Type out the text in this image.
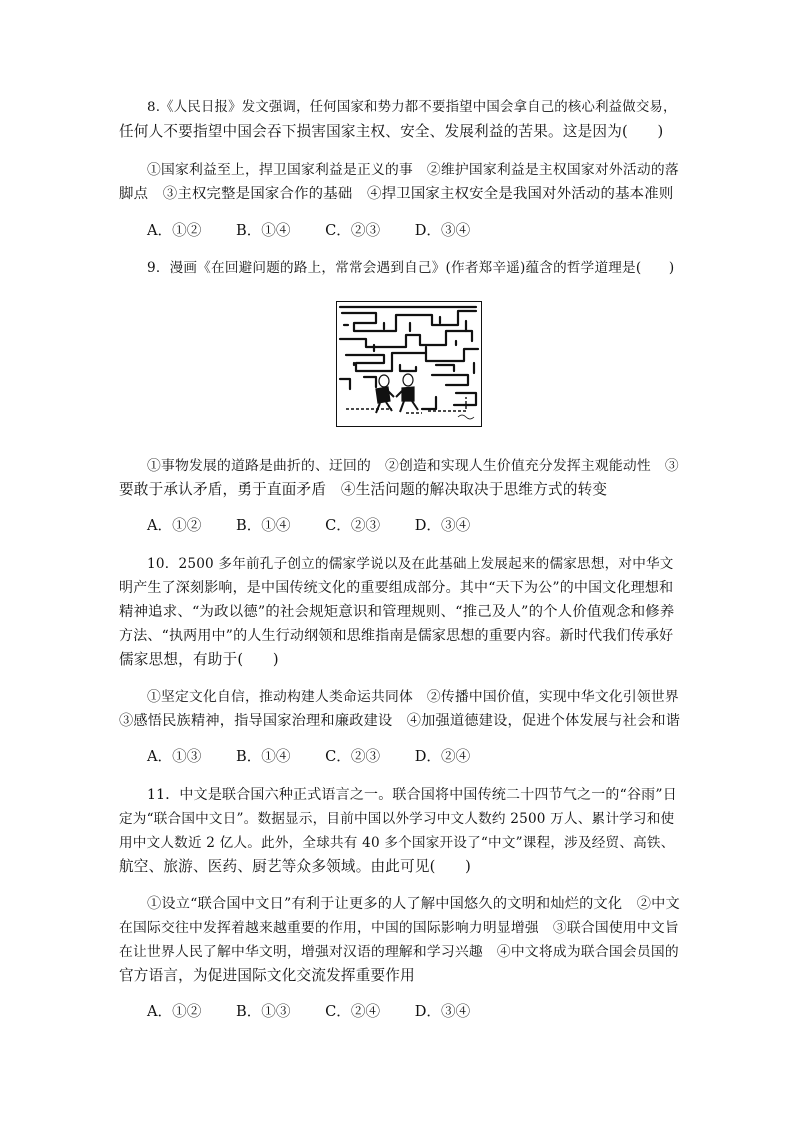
8.《人民日报》发文强调，任何国家和势力都不要指望中国会拿自己的核心利益做交易，
任何人不要指望中国会吞下损害国家主权、安全、发展利益的苦果。这是因为(　　)
①国家利益至上，捍卫国家利益是正义的事　②维护国家利益是主权国家对外活动的落
脚点　③主权完整是国家合作的基础　④捍卫国家主权安全是我国对外活动的基本准则
A．①② B．①④ C．②③ D．③④
9．漫画《在回避问题的路上，常常会遇到自己》(作者郑辛遥)蕴含的哲学道理是(　　)
①事物发展的道路是曲折的、迂回的　②创造和实现人生价值充分发挥主观能动性　③
要敢于承认矛盾，勇于直面矛盾　④生活问题的解决取决于思维方式的转变
A．①② B．①④ C．②③ D．③④
10．2500 多年前孔子创立的儒家学说以及在此基础上发展起来的儒家思想，对中华文
明产生了深刻影响，是中国传统文化的重要组成部分。其中“天下为公”的中国文化理想和
精神追求、“为政以德”的社会规矩意识和管理规则、“推己及人”的个人价值观念和修养
方法、“执两用中”的人生行动纲领和思维指南是儒家思想的重要内容。新时代我们传承好
儒家思想，有助于(　　)
①坚定文化自信，推动构建人类命运共同体　②传播中国价值，实现中华文化引领世界
③感悟民族精神，指导国家治理和廉政建设　④加强道德建设，促进个体发展与社会和谐
A．①③ B．①④ C．②③ D．②④
11．中文是联合国六种正式语言之一。联合国将中国传统二十四节气之一的“谷雨”日
定为“联合国中文日”。数据显示，目前中国以外学习中文人数约 2500 万人、累计学习和使
用中文人数近 2 亿人。此外，全球共有 40 多个国家开设了“中文”课程，涉及经贸、高铁、
航空、旅游、医药、厨艺等众多领域。由此可见(　　)
①设立“联合国中文日”有利于让更多的人了解中国悠久的文明和灿烂的文化　②中文
在国际交往中发挥着越来越重要的作用，中国的国际影响力明显增强　③联合国使用中文旨
在让世界人民了解中华文明，增强对汉语的理解和学习兴趣　④中文将成为联合国会员国的
官方语言，为促进国际文化交流发挥重要作用
A．①② B．①③ C．②④ D．③④
